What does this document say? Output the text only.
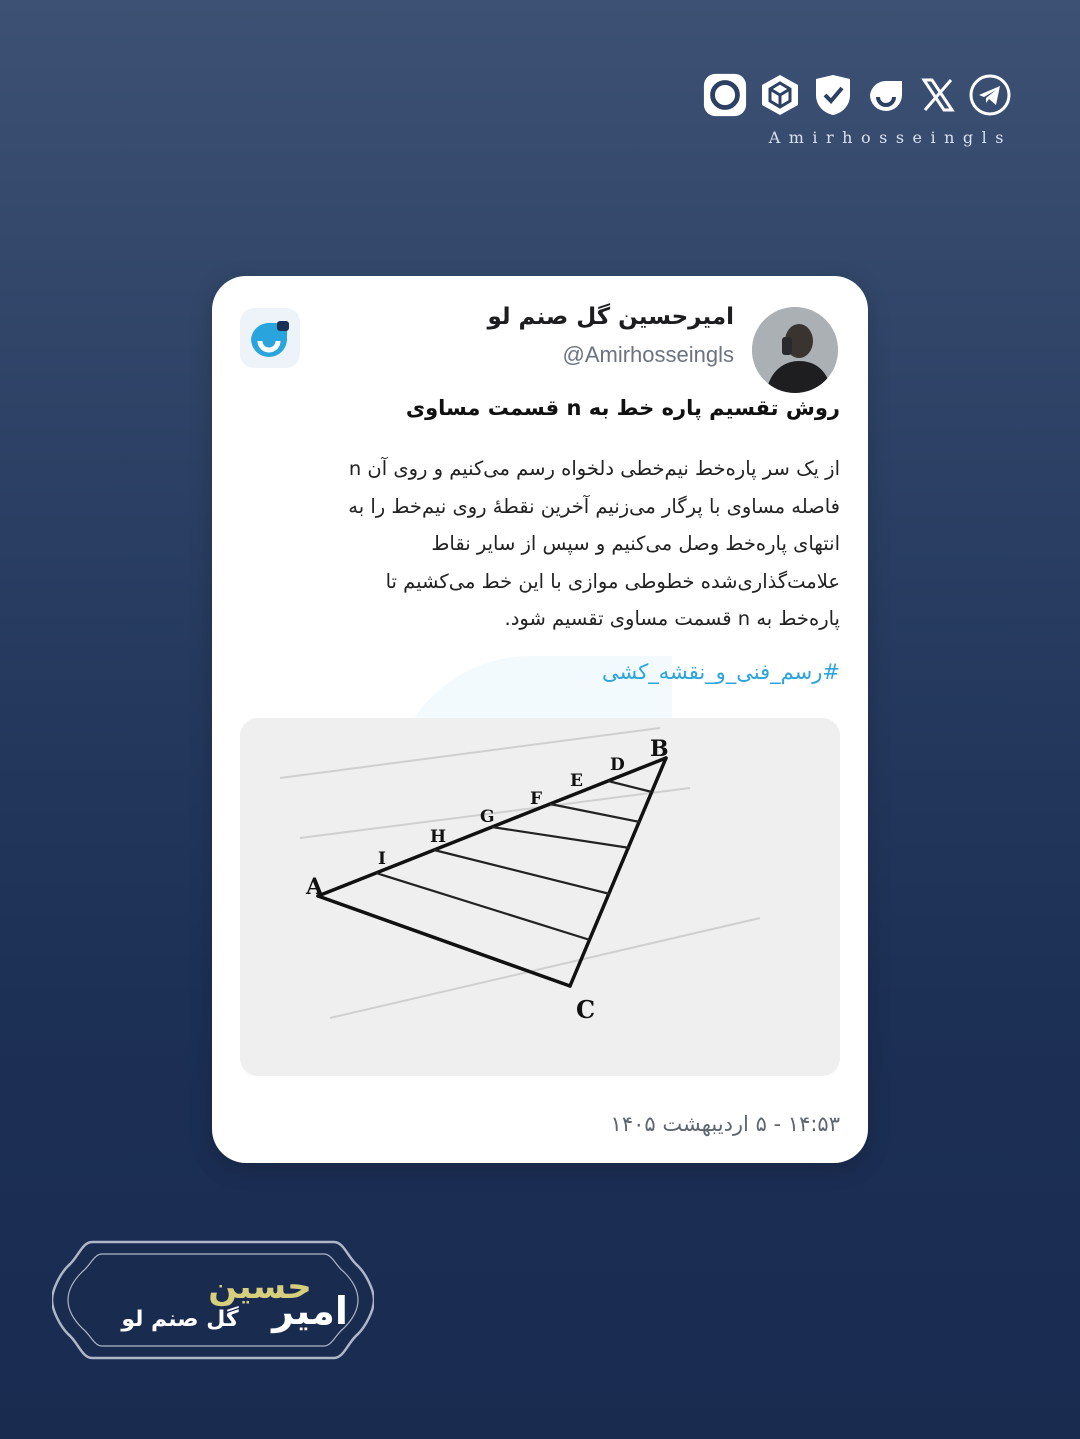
Amirhosseingls
امیرحسین گل صنم لو
@Amirhosseingls
روش تقسیم پاره خط به n قسمت مساوی
از یک سر پاره‌خط نیم‌خطی دلخواه رسم می‌کنیم و روی آن n
فاصله مساوی با پرگار می‌زنیم آخرین نقطهٔ روی نیم‌خط را به
انتهای پاره‌خط وصل می‌کنیم و سپس از سایر نقاط
علامت‌گذاری‌شده خطوطی موازی با این خط می‌کشیم تا
پاره‌خط به n قسمت مساوی تقسیم شود.
#رسم_فنی_و_نقشه_کشی
I
H
G
F
E
D
B
A
C
۱۴:۵۳ - ۵ اردیبهشت ۱۴۰۵
حسین
امیر
گل صنم لو
